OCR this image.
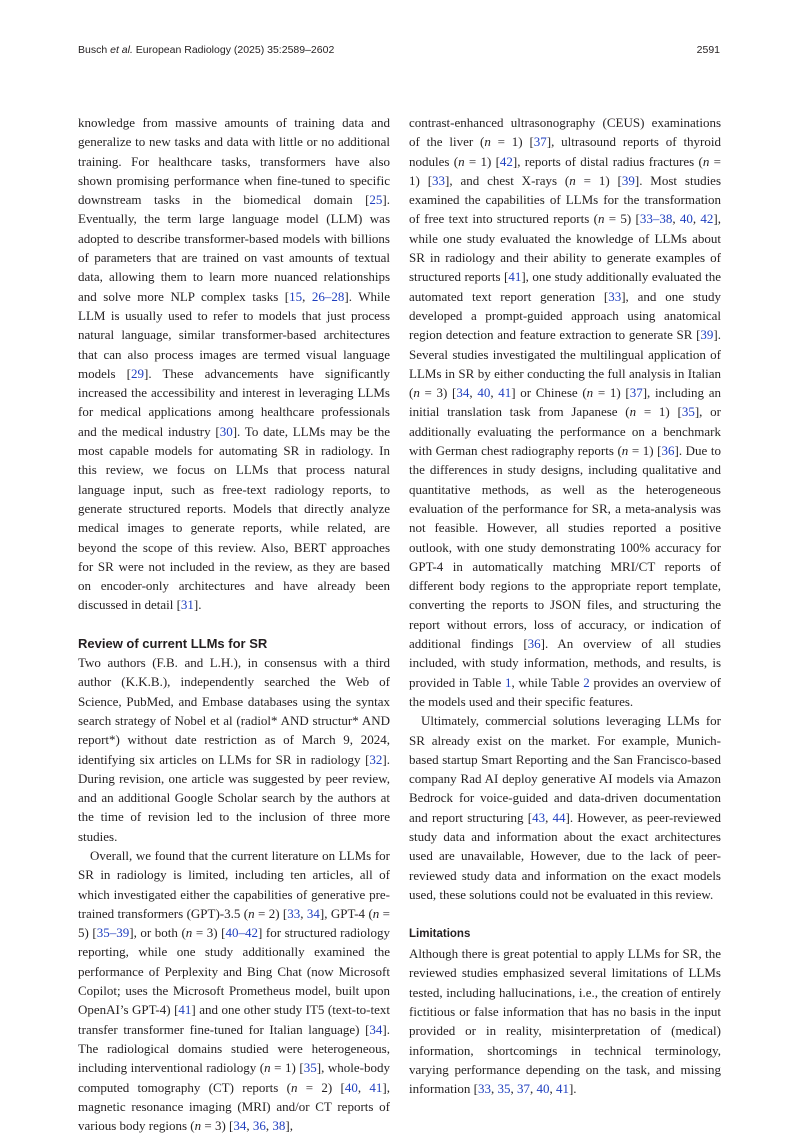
Busch et al. European Radiology (2025) 35:2589–2602	2591

knowledge from massive amounts of training data and generalize to new tasks and data with little or no additional training. For healthcare tasks, transformers have also shown promising performance when fine-tuned to specific downstream tasks in the biomedical domain [25]. Eventually, the term large language model (LLM) was adopted to describe transformer-based models with billions of parameters that are trained on vast amounts of textual data, allowing them to learn more nuanced relationships and solve more NLP complex tasks [15, 26–28]. While LLM is usually used to refer to models that just process natural language, similar transformer-based architectures that can also process images are termed visual language models [29]. These advancements have significantly increased the accessibility and interest in leveraging LLMs for medical applications among healthcare professionals and the medical industry [30]. To date, LLMs may be the most capable models for automating SR in radiology. In this review, we focus on LLMs that process natural language input, such as free-text radiology reports, to generate structured reports. Models that directly analyze medical images to generate reports, while related, are beyond the scope of this review. Also, BERT approaches for SR were not included in the review, as they are based on encoder-only architectures and have already been discussed in detail [31].

Review of current LLMs for SR

Two authors (F.B. and L.H.), in consensus with a third author (K.K.B.), independently searched the Web of Science, PubMed, and Embase databases using the syntax search strategy of Nobel et al (radiol* AND structur* AND report*) without date restriction as of March 9, 2024, identifying six articles on LLMs for SR in radiology [32]. During revision, one article was suggested by peer review, and an additional Google Scholar search by the authors at the time of revision led to the inclusion of three more studies.

Overall, we found that the current literature on LLMs for SR in radiology is limited, including ten articles, all of which investigated either the capabilities of generative pre-trained transformers (GPT)-3.5 (n = 2) [33, 34], GPT-4 (n = 5) [35–39], or both (n = 3) [40–42] for structured radiology reporting, while one study additionally examined the performance of Perplexity and Bing Chat (now Microsoft Copilot; uses the Microsoft Prometheus model, built upon OpenAI’s GPT-4) [41] and one other study IT5 (text-to-text transfer transformer fine-tuned for Italian language) [34]. The radiological domains studied were heterogeneous, including interventional radiology (n = 1) [35], whole-body computed tomography (CT) reports (n = 2) [40, 41], magnetic resonance imaging (MRI) and/or CT reports of various body regions (n = 3) [34, 36, 38],

contrast-enhanced ultrasonography (CEUS) examinations of the liver (n = 1) [37], ultrasound reports of thyroid nodules (n = 1) [42], reports of distal radius fractures (n = 1) [33], and chest X-rays (n = 1) [39]. Most studies examined the capabilities of LLMs for the transformation of free text into structured reports (n = 5) [33–38, 40, 42], while one study evaluated the knowledge of LLMs about SR in radiology and their ability to generate examples of structured reports [41], one study additionally evaluated the automated text report generation [33], and one study developed a prompt-guided approach using anatomical region detection and feature extraction to generate SR [39]. Several studies investigated the multilingual application of LLMs in SR by either conducting the full analysis in Italian (n = 3) [34, 40, 41] or Chinese (n = 1) [37], including an initial translation task from Japanese (n = 1) [35], or additionally evaluating the performance on a benchmark with German chest radiography reports (n = 1) [36]. Due to the differences in study designs, including qualitative and quantitative methods, as well as the heterogeneous evaluation of the performance for SR, a meta-analysis was not feasible. However, all studies reported a positive outlook, with one study demonstrating 100% accuracy for GPT-4 in automatically matching MRI/CT reports of different body regions to the appropriate report template, converting the reports to JSON files, and structuring the report without errors, loss of accuracy, or indication of additional findings [36]. An overview of all studies included, with study information, methods, and results, is provided in Table 1, while Table 2 provides an overview of the models used and their specific features.

Ultimately, commercial solutions leveraging LLMs for SR already exist on the market. For example, Munich-based startup Smart Reporting and the San Francisco-based company Rad AI deploy generative AI models via Amazon Bedrock for voice-guided and data-driven documentation and report structuring [43, 44]. However, as peer-reviewed study data and information about the exact architectures used are unavailable, However, due to the lack of peer-reviewed study data and information on the exact models used, these solutions could not be evaluated in this review.

Limitations

Although there is great potential to apply LLMs for SR, the reviewed studies emphasized several limitations of LLMs tested, including hallucinations, i.e., the creation of entirely fictitious or false information that has no basis in the input provided or in reality, misinterpretation of (medical) information, shortcomings in technical terminology, varying performance depending on the task, and missing information [33, 35, 37, 40, 41].
